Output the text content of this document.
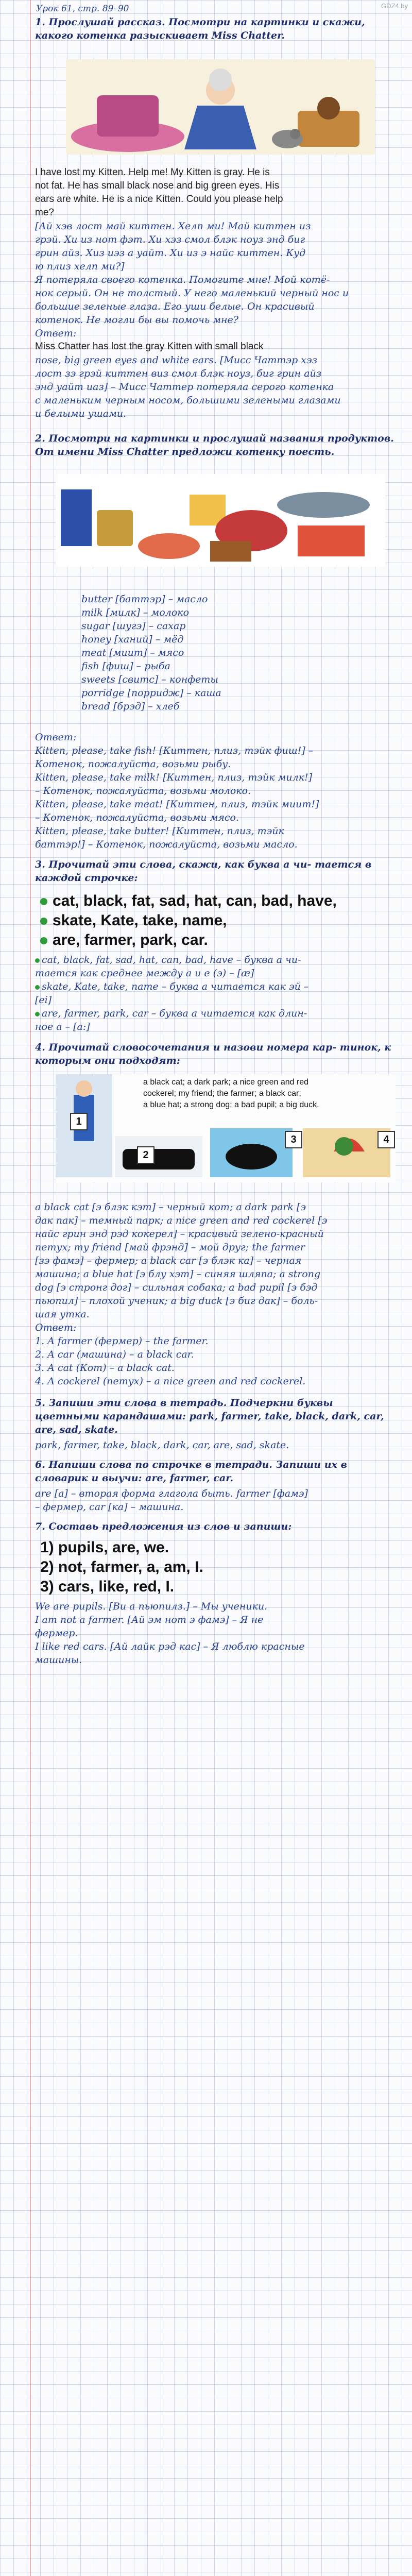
GDZ4.by
Урок 61, стр. 89–90
1. Прослушай рассказ. Посмотри на картинки и скажи, какого котенка разыскивает Miss Chatter.
I have lost my Kitten. Help me! My Kitten is gray. He is
not fat. He has small black nose and big green eyes. His
ears are white. He is a nice Kitten. Could you please help
me?
[Ай хэв лост май киттен. Хелп ми! Май киттен из
грэй. Хи из нот фэт. Хи хэз смол блэк ноуз энд биг
грин айз. Хиз иэз а уайт. Хи из э найс киттен. Куд
ю плиз хелп ми?]
Я потеряла своего котенка. Помогите мне! Мой котё-
нок серый. Он не толстый. У него маленький черный нос и
большие зеленые глаза. Его уши белые. Он красивый
котенок. Не могли бы вы помочь мне?
Ответ:
Miss Chatter has lost the gray Kitten with small black
nose, big green eyes and white ears. [Мисс Чаттэр хэз
лост зэ грэй киттен виз смол блэк ноуз, биг грин айз
энд уайт иаз] – Мисс Чаттер потеряла серого котенка
с маленьким черным носом, большими зелеными глазами
и белыми ушами.
2. Посмотри на картинки и прослушай названия продуктов. От имени Miss Chatter предложи котенку поесть.
butter [баттэр] – масло
milk [милк] – молоко
sugar [шугэ] – сахар
honey [ханий] – мёд
meat [миит] – мясо
fish [фиш] – рыба
sweets [свитс] – конфеты
porridge [порридж] – каша
bread [брэд] – хлеб
Ответ:
Kitten, please, take fish! [Киттен, плиз, тэйк фиш!] –
Котенок, пожалуйста, возьми рыбу.
Kitten, please, take milk! [Киттен, плиз, тэйк милк!]
– Котенок, пожалуйста, возьми молоко.
Kitten, please, take meat! [Киттен, плиз, тэйк миит!]
– Котенок, пожалуйста, возьми мясо.
Kitten, please, take butter! [Киттен, плиз, тэйк
баттэр!] – Котенок, пожалуйста, возьми масло.
3. Прочитай эти слова, скажи, как буква а чи- тается в каждой строчке:
cat, black, fat, sad, hat, can, bad, have,
skate, Kate, take, name,
are, farmer, park, car.
cat, black, fat, sad, hat, can, bad, have – буква а чи-
тается как среднее между а и е (э) – [æ]
skate, Kate, take, name – буква а читается как эй –
[ei]
are, farmer, park, car – буква а читается как длин-
ное а – [a:]
4. Прочитай словосочетания и назови номера кар- тинок, к которым они подходят:
a black cat; a dark park; a nice green and red
cockerel; my friend; the farmer; a black car;
a blue hat; a strong dog; a bad pupil; a big duck.
1
2
3	4
a black cat [э блэк кэт] – черный кот; a dark park [э
дак пак] – темный парк; a nice green and red cockerel [э
найс грин энд рэд кокерел] – красивый зелено-красный
петух; my friend [май фрэнд] – мой друг; the farmer
[зэ фамэ] – фермер; a black car [э блэк ка] – черная
машина; a blue hat [э блу хэт] – синяя шляпа; a strong
dog [э стронг дог] – сильная собака; a bad pupil [э бэд
пьюпил] – плохой ученик; a big duck [э биг дак] – боль-
шая утка.
Ответ:
1. A farmer (фермер) – the farmer.
2. A car (машина) – a black car.
3. A cat (Кот) – a black cat.
4. A cockerel (петух) – a nice green and red cockerel.
5. Запиши эти слова в тетрадь. Подчеркни буквы цветными карандашами: park, farmer, take, black, dark, car, are, sad, skate.
park, farmer, take, black, dark, car, are, sad, skate.
6. Напиши слова по строчке в тетради. Запиши их в словарик и выучи: are, farmer, car.
are [а] – вторая форма глагола быть. farmer [фамэ]
– фермер, car [ка] – машина.
7. Составь предложения из слов и запиши:
1) pupils, are, we.
2) not, farmer, a, am, I.
3) cars, like, red, I.
We are pupils. [Ви а пьюпилз.] – Мы ученики.
I am not a farmer. [Ай эм нот э фамэ] – Я не
фермер.
I like red cars. [Ай лайк рэд кас] – Я люблю красные
машины.
